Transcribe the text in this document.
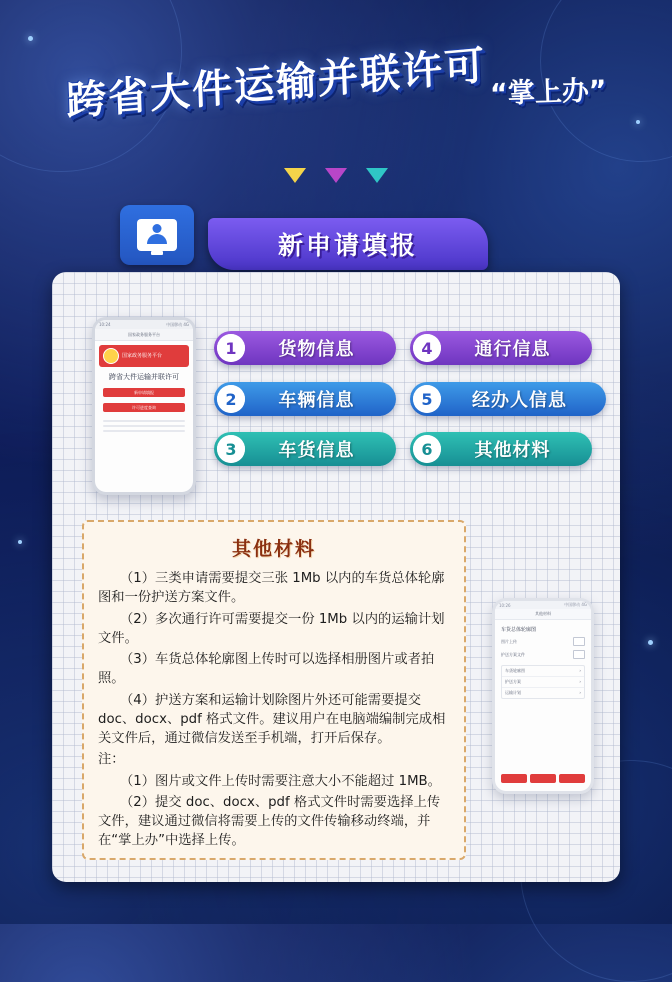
跨省大件运输并联许可 “掌上办”

新申请填报
10:24	中国移动 4G
国家政务服务平台
国家政务服务平台
跨省大件运输并联许可
新申请填报
许可进度查询
1	货物信息
2	车辆信息
3	车货信息
4	通行信息
5	经办人信息
6	其他材料
其他材料

（1）三类申请需要提交三张 1Mb 以内的车货总体轮廓图和一份护送方案文件。

（2）多次通行许可需要提交一份 1Mb 以内的运输计划文件。

（3）车货总体轮廓图上传时可以选择相册图片或者拍照。

（4）护送方案和运输计划除图片外还可能需要提交 doc、docx、pdf 格式文件。建议用户在电脑端编制完成相关文件后，通过微信发送至手机端，打开后保存。

注：

（1）图片或文件上传时需要注意大小不能超过 1MB。

（2）提交 doc、docx、pdf 格式文件时需要选择上传文件，建议通过微信将需要上传的文件传输移动终端，并在“掌上办”中选择上传。

10:26	中国移动 4G
其他材料
车货总体轮廓图
图片上传
护送方案文件
车货轮廓图	›
护送方案	›
运输计划	›
